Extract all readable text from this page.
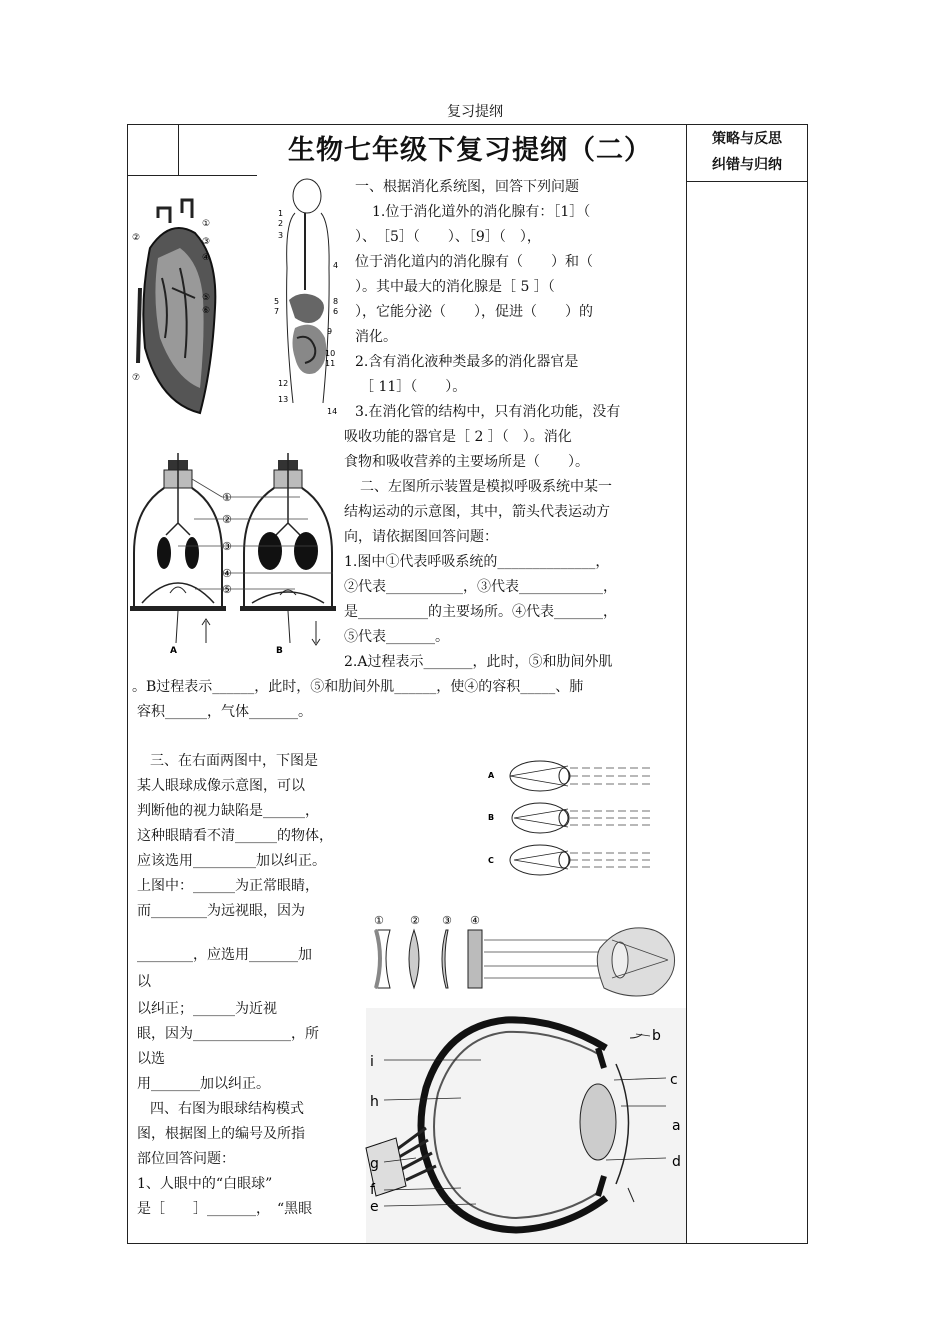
复习提纲
生物七年级下复习提纲（二）	策略与反思
纠错与归纳
一、根据消化系统图，回答下列问题
1.位于消化道外的消化腺有：［1］（
）、　［5］（　　）、［9］（　），
位于消化道内的消化腺有（　　）和（
）。其中最大的消化腺是［ 5 ］（
），它能分泌（　　），促进（　　）的
消化。
2.含有消化液种类最多的消化器官是
［ 11］（　　）。
3.在消化管的结构中，只有消化功能，没有
吸收功能的器官是［ 2 ］（　）。消化
食物和吸收营养的主要场所是（　　）。
二、左图所示装置是模拟呼吸系统中某一
结构运动的示意图，其中，箭头代表运动方
向，请依据图回答问题：
1.图中①代表呼吸系统的______________，
②代表___________，③代表____________，
是__________的主要场所。④代表_______，
⑤代表_______。
2.A过程表示_______，此时，⑤和肋间外肌
。B过程表示______，此时，⑤和肋间外肌______，使④的容积_____、肺
容积______，气体_______。
三、在右面两图中，下图是
某人眼球成像示意图，可以
判断他的视力缺陷是______，
这种眼睛看不清______的物体，
应该选用_________加以纠正。
上图中：______为正常眼睛，
而________为远视眼，因为
________，应选用_______加
以
以纠正；______为近视
眼，因为______________，所
以选
用_______加以纠正。
四、右图为眼球结构模式
图，根据图上的编号及所指
部位回答问题：
1、人眼中的“白眼球”
是［　　］_______，　“黑眼
①
②	③
④
⑤
⑥
⑦
1
2
3
4
5
6
7
8
9
10
11
12
13
14
A	B
①
②
③
④
⑤
A
B
C
① ② ③ ④
i
h
g
f
e
b
c
a
d
